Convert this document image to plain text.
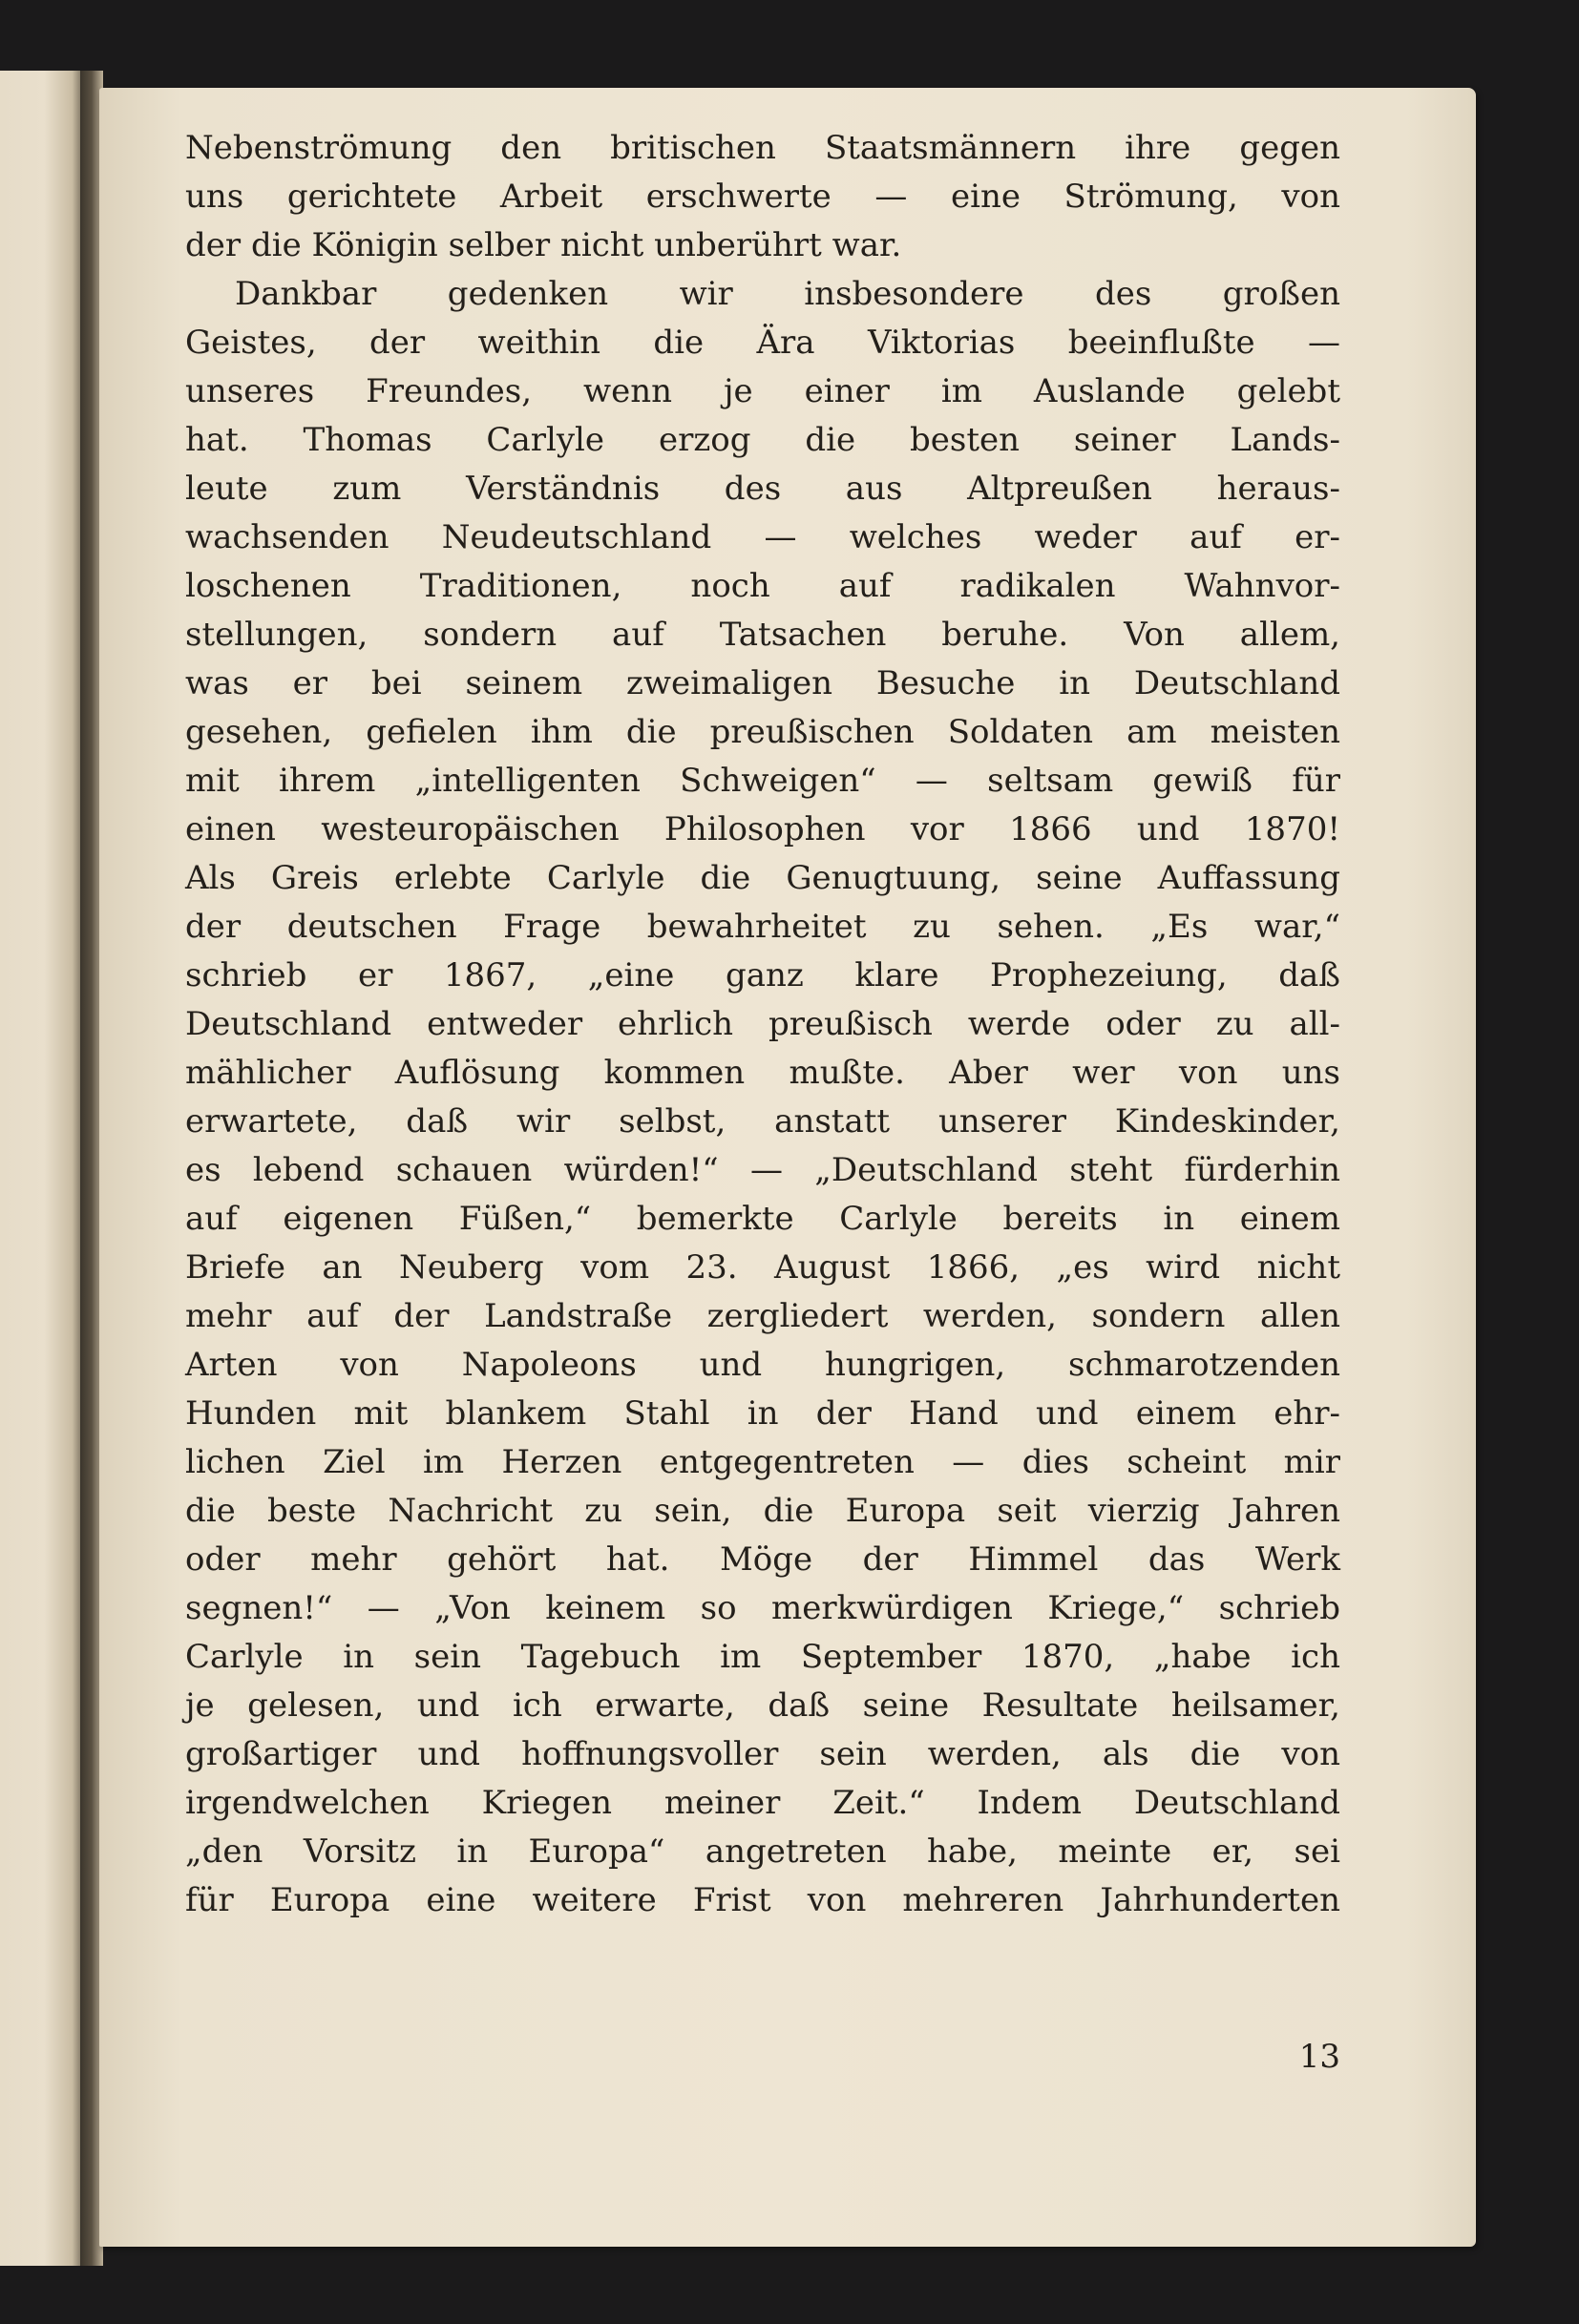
Nebenströmung den britischen Staatsmännern ihre gegen
uns gerichtete Arbeit erschwerte — eine Strömung, von
der die Königin selber nicht unberührt war.
Dankbar gedenken wir insbesondere des großen
Geistes, der weithin die Ära Viktorias beeinflußte —
unseres Freundes, wenn je einer im Auslande gelebt
hat. Thomas Carlyle erzog die besten seiner Lands-
leute zum Verständnis des aus Altpreußen heraus-
wachsenden Neudeutschland — welches weder auf er-
loschenen Traditionen, noch auf radikalen Wahnvor-
stellungen, sondern auf Tatsachen beruhe. Von allem,
was er bei seinem zweimaligen Besuche in Deutschland
gesehen, gefielen ihm die preußischen Soldaten am meisten
mit ihrem „intelligenten Schweigen“ — seltsam gewiß für
einen westeuropäischen Philosophen vor 1866 und 1870!
Als Greis erlebte Carlyle die Genugtuung, seine Auffassung
der deutschen Frage bewahrheitet zu sehen. „Es war,“
schrieb er 1867, „eine ganz klare Prophezeiung, daß
Deutschland entweder ehrlich preußisch werde oder zu all-
mählicher Auflösung kommen mußte. Aber wer von uns
erwartete, daß wir selbst, anstatt unserer Kindeskinder,
es lebend schauen würden!“ — „Deutschland steht fürderhin
auf eigenen Füßen,“ bemerkte Carlyle bereits in einem
Briefe an Neuberg vom 23. August 1866, „es wird nicht
mehr auf der Landstraße zergliedert werden, sondern allen
Arten von Napoleons und hungrigen, schmarotzenden
Hunden mit blankem Stahl in der Hand und einem ehr-
lichen Ziel im Herzen entgegentreten — dies scheint mir
die beste Nachricht zu sein, die Europa seit vierzig Jahren
oder mehr gehört hat. Möge der Himmel das Werk
segnen!“ — „Von keinem so merkwürdigen Kriege,“ schrieb
Carlyle in sein Tagebuch im September 1870, „habe ich
je gelesen, und ich erwarte, daß seine Resultate heilsamer,
großartiger und hoffnungsvoller sein werden, als die von
irgendwelchen Kriegen meiner Zeit.“ Indem Deutschland
„den Vorsitz in Europa“ angetreten habe, meinte er, sei
für Europa eine weitere Frist von mehreren Jahrhunderten
13
